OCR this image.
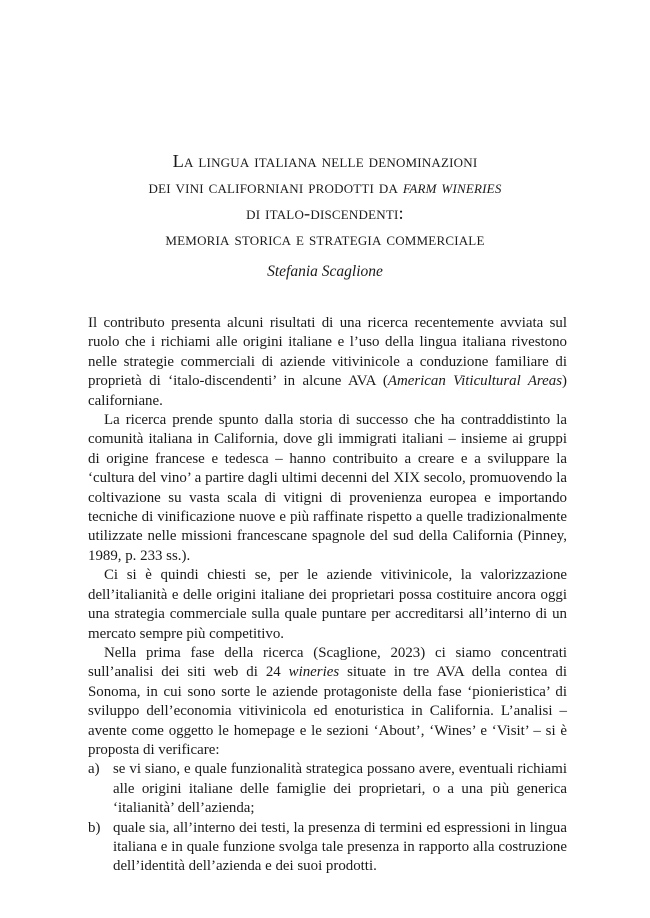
La lingua italiana nelle denominazioni
dei vini californiani prodotti da farm wineries
di italo-discendenti:
memoria storica e strategia commerciale
Stefania Scaglione

Il contributo presenta alcuni risultati di una ricerca recentemente avviata sul ruolo che i richiami alle origini italiane e l’uso della lingua italiana rivestono nelle strategie commerciali di aziende vitivinicole a conduzione familiare di proprietà di ‘italo-discendenti’ in alcune AVA (American Viticultural Areas) californiane.

La ricerca prende spunto dalla storia di successo che ha contraddistinto la comunità italiana in California, dove gli immigrati italiani – insieme ai gruppi di origine francese e tedesca – hanno contribuito a creare e a sviluppare la ‘cultura del vino’ a partire dagli ultimi decenni del XIX secolo, promuovendo la coltivazione su vasta scala di vitigni di provenienza europea e importando tecniche di vinificazione nuove e più raffinate rispetto a quelle tradizionalmente utilizzate nelle missioni francescane spagnole del sud della California (Pinney, 1989, p. 233 ss.).

Ci si è quindi chiesti se, per le aziende vitivinicole, la valorizzazione dell’italianità e delle origini italiane dei proprietari possa costituire ancora oggi una strategia commerciale sulla quale puntare per accreditarsi all’interno di un mercato sempre più competitivo.

Nella prima fase della ricerca (Scaglione, 2023) ci siamo concentrati sull’analisi dei siti web di 24 wineries situate in tre AVA della contea di Sonoma, in cui sono sorte le aziende protagoniste della fase ‘pionieristica’ di sviluppo dell’economia vitivinicola ed enoturistica in California. L’analisi – avente come oggetto le homepage e le sezioni ‘About’, ‘Wines’ e ‘Visit’ – si è proposta di verificare:

a) se vi siano, e quale funzionalità strategica possano avere, eventuali richiami alle origini italiane delle famiglie dei proprietari, o a una più generica ‘italianità’ dell’azienda;
b) quale sia, all’interno dei testi, la presenza di termini ed espressioni in lingua italiana e in quale funzione svolga tale presenza in rapporto alla costruzione dell’identità dell’azienda e dei suoi prodotti.
